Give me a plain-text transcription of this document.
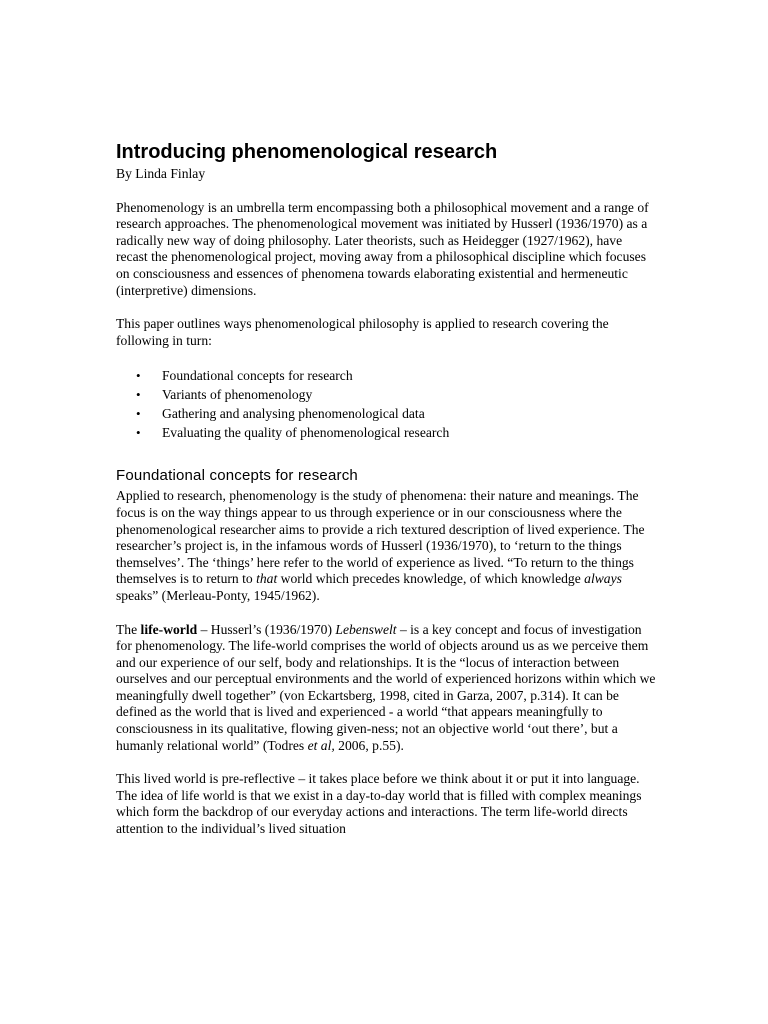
Introducing phenomenological research

By Linda Finlay

Phenomenology is an umbrella term encompassing both a philosophical movement and a range of research approaches. The phenomenological movement was initiated by Husserl (1936/1970) as a radically new way of doing philosophy. Later theorists, such as Heidegger (1927/1962), have recast the phenomenological project, moving away from a philosophical discipline which focuses on consciousness and essences of phenomena towards elaborating existential and hermeneutic (interpretive) dimensions.

This paper outlines ways phenomenological philosophy is applied to research covering the following in turn:

• Foundational concepts for research
• Variants of phenomenology
• Gathering and analysing phenomenological data
• Evaluating the quality of phenomenological research
Foundational concepts for research

Applied to research, phenomenology is the study of phenomena: their nature and meanings. The focus is on the way things appear to us through experience or in our consciousness where the phenomenological researcher aims to provide a rich textured description of lived experience. The researcher’s project is, in the infamous words of Husserl (1936/1970), to ‘return to the things themselves’. The ‘things’ here refer to the world of experience as lived. “To return to the things themselves is to return to that world which precedes knowledge, of which knowledge always speaks” (Merleau-Ponty, 1945/1962).

The life-world – Husserl’s (1936/1970) Lebenswelt – is a key concept and focus of investigation for phenomenology. The life-world comprises the world of objects around us as we perceive them and our experience of our self, body and relationships. It is the “locus of interaction between ourselves and our perceptual environments and the world of experienced horizons within which we meaningfully dwell together” (von Eckartsberg, 1998, cited in Garza, 2007, p.314). It can be defined as the world that is lived and experienced - a world “that appears meaningfully to consciousness in its qualitative, flowing given-ness; not an objective world ‘out there’, but a humanly relational world” (Todres et al, 2006, p.55).

This lived world is pre-reflective – it takes place before we think about it or put it into language. The idea of life world is that we exist in a day-to-day world that is filled with complex meanings which form the backdrop of our everyday actions and interactions. The term life-world directs attention to the individual’s lived situation
